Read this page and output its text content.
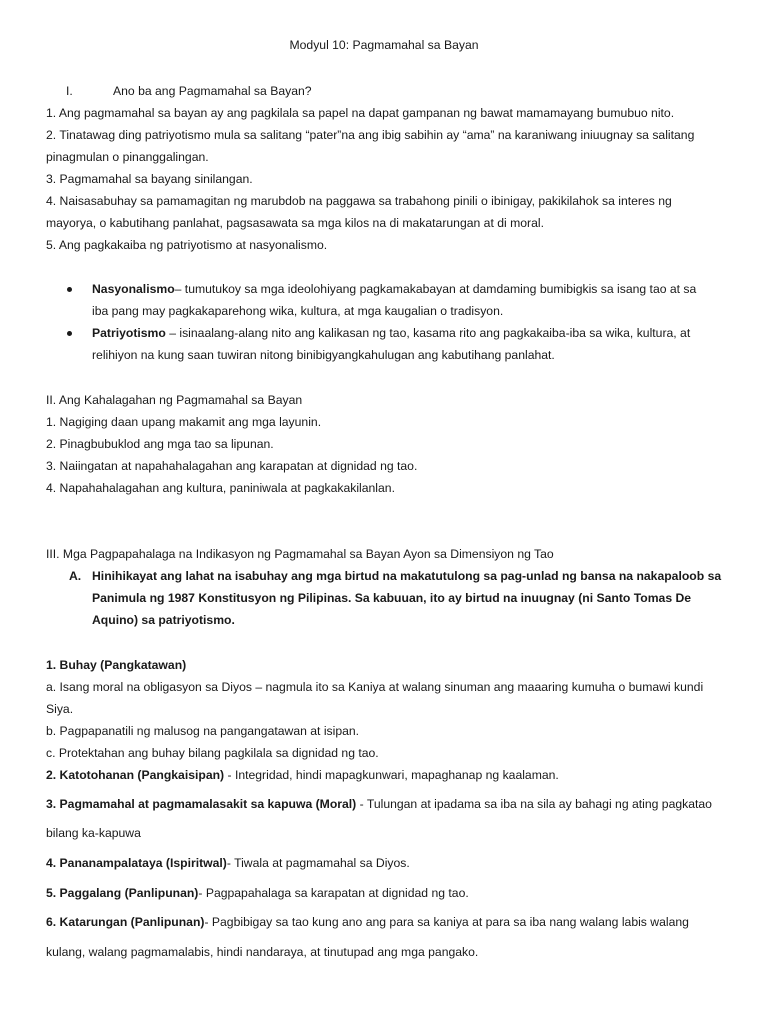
Modyul 10: Pagmamahal sa Bayan
I.	Ano ba ang Pagmamahal sa Bayan?
1. Ang pagmamahal sa bayan ay ang pagkilala sa papel na dapat gampanan ng bawat mamamayang bumubuo nito.
2. Tinatawag ding patriyotismo mula sa salitang “pater”na ang ibig sabihin ay “ama” na karaniwang iniuugnay sa salitang
pinagmulan o pinanggalingan.
3. Pagmamahal sa bayang sinilangan.
4. Naisasabuhay sa pamamagitan ng marubdob na paggawa sa trabahong pinili o ibinigay, pakikilahok sa interes ng
mayorya, o kabutihang panlahat, pagsasawata sa mga kilos na di makatarungan at di moral.
5. Ang pagkakaiba ng patriyotismo at nasyonalismo.
Nasyonalismo– tumutukoy sa mga ideolohiyang pagkamakabayan at damdaming bumibigkis sa isang tao at sa
iba pang may pagkakaparehong wika, kultura, at mga kaugalian o tradisyon.
Patriyotismo – isinaalang-alang nito ang kalikasan ng tao, kasama rito ang pagkakaiba-iba sa wika, kultura, at
relihiyon na kung saan tuwiran nitong binibigyangkahulugan ang kabutihang panlahat.
II. Ang Kahalagahan ng Pagmamahal sa Bayan
1. Nagiging daan upang makamit ang mga layunin.
2. Pinagbubuklod ang mga tao sa lipunan.
3. Naiingatan at napahahalagahan ang karapatan at dignidad ng tao.
4. Napahahalagahan ang kultura, paniniwala at pagkakakilanlan.
III. Mga Pagpapahalaga na Indikasyon ng Pagmamahal sa Bayan Ayon sa Dimensiyon ng Tao
A. Hinihikayat ang lahat na isabuhay ang mga birtud na makatutulong sa pag-unlad ng bansa na nakapaloob sa
Panimula ng 1987 Konstitusyon ng Pilipinas. Sa kabuuan, ito ay birtud na inuugnay (ni Santo Tomas De
Aquino) sa patriyotismo.
1. Buhay (Pangkatawan)
a. Isang moral na obligasyon sa Diyos – nagmula ito sa Kaniya at walang sinuman ang maaaring kumuha o bumawi kundi
Siya.
b. Pagpapanatili ng malusog na pangangatawan at isipan.
c. Protektahan ang buhay bilang pagkilala sa dignidad ng tao.
2. Katotohanan (Pangkaisipan) - Integridad, hindi mapagkunwari, mapaghanap ng kaalaman.
3. Pagmamahal at pagmamalasakit sa kapuwa (Moral) - Tulungan at ipadama sa iba na sila ay bahagi ng ating pagkatao
bilang ka-kapuwa
4. Pananampalataya (Ispiritwal)- Tiwala at pagmamahal sa Diyos.
5. Paggalang (Panlipunan)- Pagpapahalaga sa karapatan at dignidad ng tao.
6. Katarungan (Panlipunan)- Pagbibigay sa tao kung ano ang para sa kaniya at para sa iba nang walang labis walang
kulang, walang pagmamalabis, hindi nandaraya, at tinutupad ang mga pangako.
